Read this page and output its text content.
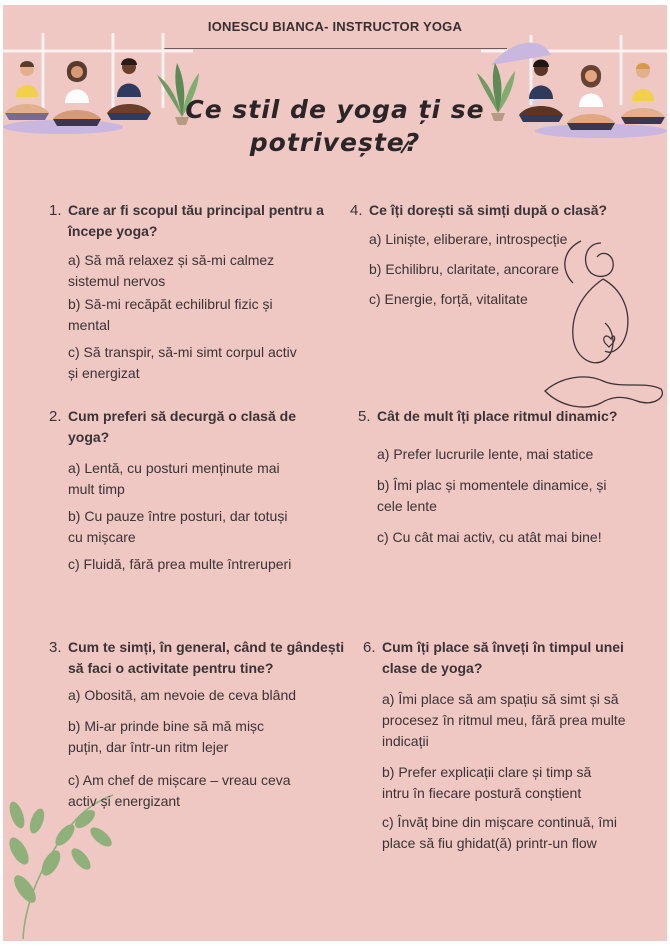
IONESCU BIANCA- INSTRUCTOR YOGA
Ce stil de yoga ți se
potrivește?
1. Care ar fi scopul tău principal pentru a începe yoga?
a) Să mă relaxez și să-mi calmez sistemul nervos
b) Să-mi recăpăt echilibrul fizic și mental
c) Să transpir, să-mi simt corpul activ și energizat
2. Cum preferi să decurgă o clasă de yoga?
a) Lentă, cu posturi menținute mai mult timp
b) Cu pauze între posturi, dar totuși cu mișcare
c) Fluidă, fără prea multe întreruperi
3. Cum te simți, în general, când te gândești să faci o activitate pentru tine?
a) Obosită, am nevoie de ceva blând
b) Mi-ar prinde bine să mă mișc puțin, dar într-un ritm lejer
c) Am chef de mișcare – vreau ceva activ și energizant
4. Ce îți dorești să simți după o clasă?
a) Liniște, eliberare, introspecție
b) Echilibru, claritate, ancorare
c) Energie, forță, vitalitate
5. Cât de mult îți place ritmul dinamic?
a) Prefer lucrurile lente, mai statice
b) Îmi plac și momentele dinamice, și cele lente
c) Cu cât mai activ, cu atât mai bine!
6. Cum îți place să înveți în timpul unei clase de yoga?
a) Îmi place să am spațiu să simt și să procesez în ritmul meu, fără prea multe indicații
b) Prefer explicații clare și timp să intru în fiecare postură conștient
c) Învăț bine din mișcare continuă, îmi place să fiu ghidat(ă) printr-un flow
